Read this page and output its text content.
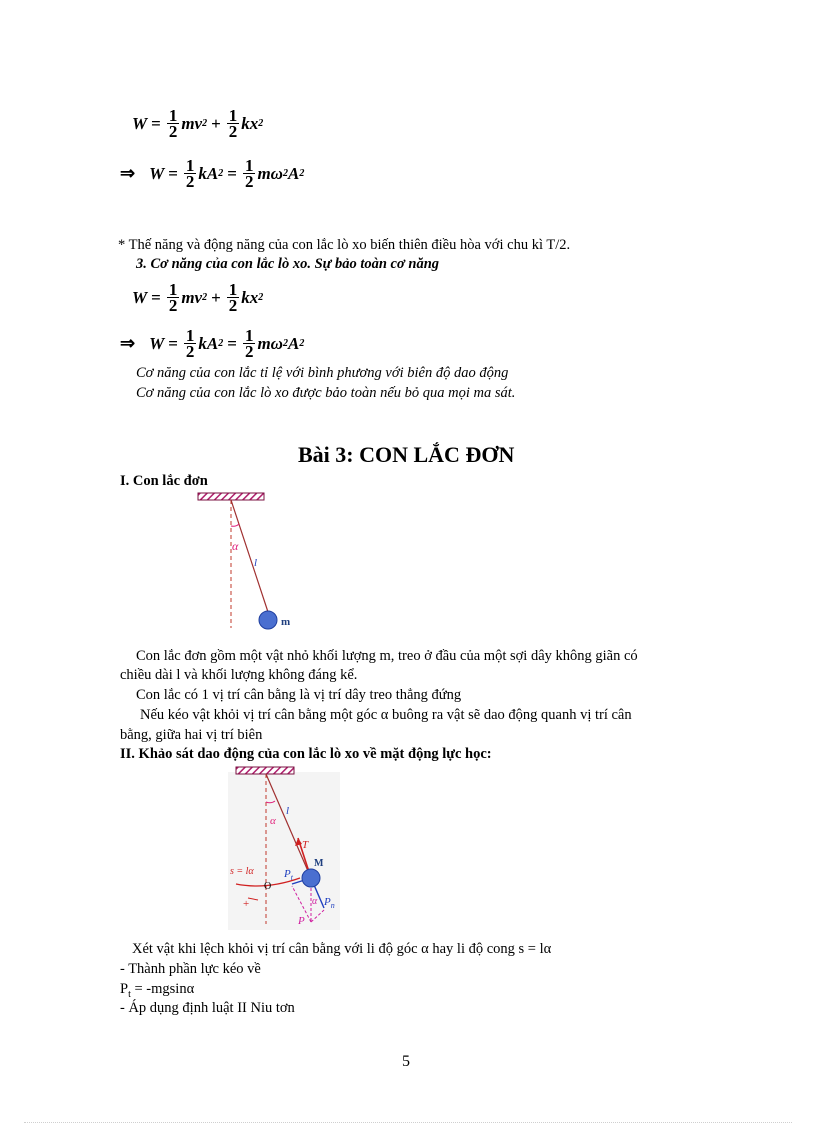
$W = \frac{1}{2}$ mv $2 + \frac{1}{2}$ kx 2
⇒ $W = \frac{1}{2}$ kA $2 = \frac{1}{2}$ mω 2 A 2
* Thế năng và động năng của con lắc lò xo biến thiên điều hòa với chu kì T/2.
3. Cơ năng của con lắc lò xo. Sự bảo toàn cơ năng
$W = \frac{1}{2}$ mv $2 + \frac{1}{2}$ kx 2
⇒ $W = \frac{1}{2}$ kA $2 = \frac{1}{2}$ mω 2 A 2
Cơ năng của con lắc tỉ lệ với bình phương với biên độ dao động
Cơ năng của con lắc lò xo được bảo toàn nếu bỏ qua mọi ma sát.
Bài 3: CON LẮC ĐƠN
I. Con lắc đơn
α
l
m
Con lắc đơn gồm một vật nhỏ khối lượng m, treo ở đầu của một sợi dây không giãn có
chiều dài l và khối lượng không đáng kể.
Con lắc có 1 vị trí cân bằng là vị trí dây treo thẳng đứng
Nếu kéo vật khỏi vị trí cân bằng một góc α buông ra vật sẽ dao động quanh vị trí cân
bằng, giữa hai vị trí biên
II. Khảo sát dao động của con lắc lò xo về mặt động lực học:
α
l
T
M
s = lα
O
+
$P_t$
$P_n$
P
α
Xét vật khi lệch khỏi vị trí cân bằng với li độ góc α hay li độ cong s = lα
- Thành phần lực kéo về
$P_t = -mgsin\alpha$
- Áp dụng định luật II Niu tơn
5
